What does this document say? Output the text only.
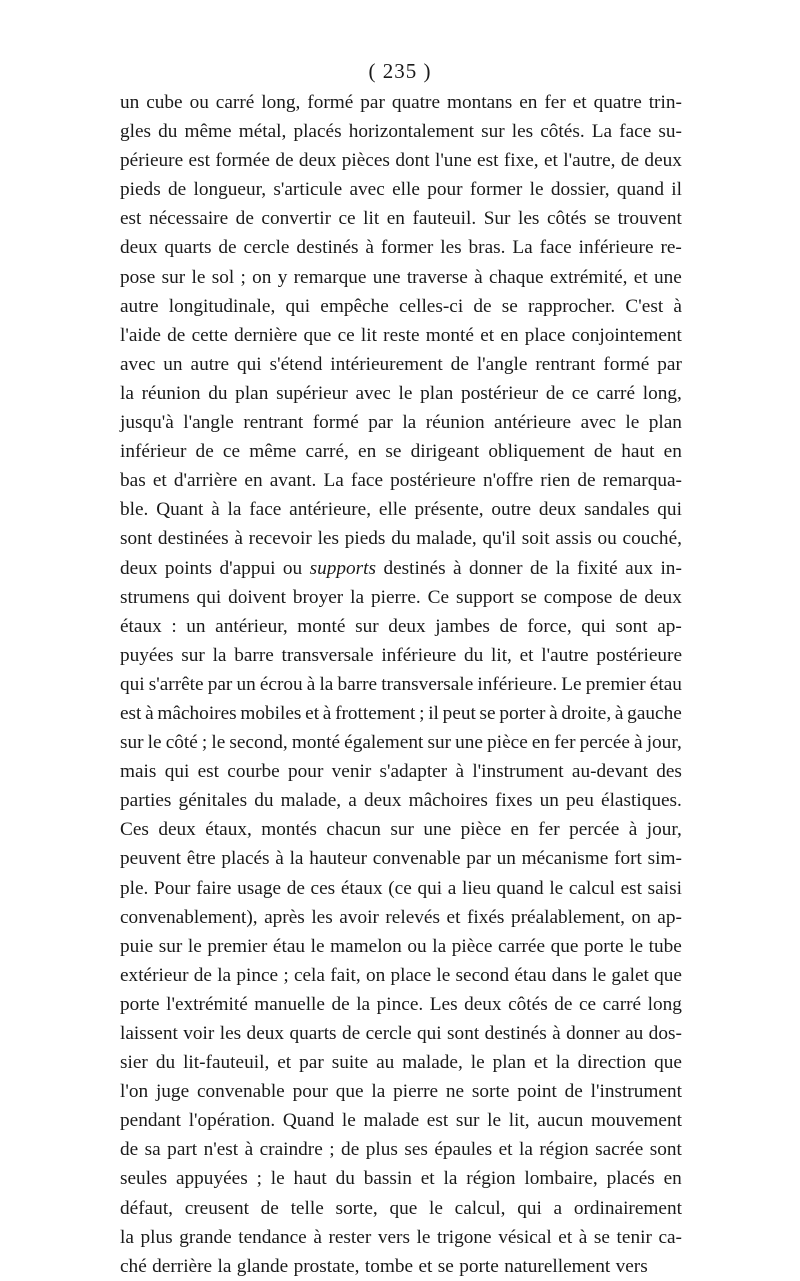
( 235 )
un cube ou carré long, formé par quatre montans en fer et quatre trin-
gles du même métal, placés horizontalement sur les côtés. La face su-
périeure est formée de deux pièces dont l'une est fixe, et l'autre, de deux
pieds de longueur, s'articule avec elle pour former le dossier, quand il
est nécessaire de convertir ce lit en fauteuil. Sur les côtés se trouvent
deux quarts de cercle destinés à former les bras. La face inférieure re-
pose sur le sol ; on y remarque une traverse à chaque extrémité, et une
autre longitudinale, qui empêche celles-ci de se rapprocher. C'est à
l'aide de cette dernière que ce lit reste monté et en place conjointement
avec un autre qui s'étend intérieurement de l'angle rentrant formé par
la réunion du plan supérieur avec le plan postérieur de ce carré long,
jusqu'à l'angle rentrant formé par la réunion antérieure avec le plan
inférieur de ce même carré, en se dirigeant obliquement de haut en
bas et d'arrière en avant. La face postérieure n'offre rien de remarqua-
ble. Quant à la face antérieure, elle présente, outre deux sandales qui
sont destinées à recevoir les pieds du malade, qu'il soit assis ou couché,
deux points d'appui ou supports destinés à donner de la fixité aux in-
strumens qui doivent broyer la pierre. Ce support se compose de deux
étaux : un antérieur, monté sur deux jambes de force, qui sont ap-
puyées sur la barre transversale inférieure du lit, et l'autre postérieure
qui s'arrête par un écrou à la barre transversale inférieure. Le premier étau
est à mâchoires mobiles et à frottement ; il peut se porter à droite, à gauche
sur le côté ; le second, monté également sur une pièce en fer percée à jour,
mais qui est courbe pour venir s'adapter à l'instrument au-devant des
parties génitales du malade, a deux mâchoires fixes un peu élastiques.
Ces deux étaux, montés chacun sur une pièce en fer percée à jour,
peuvent être placés à la hauteur convenable par un mécanisme fort sim-
ple. Pour faire usage de ces étaux (ce qui a lieu quand le calcul est saisi
convenablement), après les avoir relevés et fixés préalablement, on ap-
puie sur le premier étau le mamelon ou la pièce carrée que porte le tube
extérieur de la pince ; cela fait, on place le second étau dans le galet que
porte l'extrémité manuelle de la pince. Les deux côtés de ce carré long
laissent voir les deux quarts de cercle qui sont destinés à donner au dos-
sier du lit-fauteuil, et par suite au malade, le plan et la direction que
l'on juge convenable pour que la pierre ne sorte point de l'instrument
pendant l'opération. Quand le malade est sur le lit, aucun mouvement
de sa part n'est à craindre ; de plus ses épaules et la région sacrée sont
seules appuyées ; le haut du bassin et la région lombaire, placés en
défaut, creusent de telle sorte, que le calcul, qui a ordinairement
la plus grande tendance à rester vers le trigone vésical et à se tenir ca-
ché derrière la glande prostate, tombe et se porte naturellement vers
